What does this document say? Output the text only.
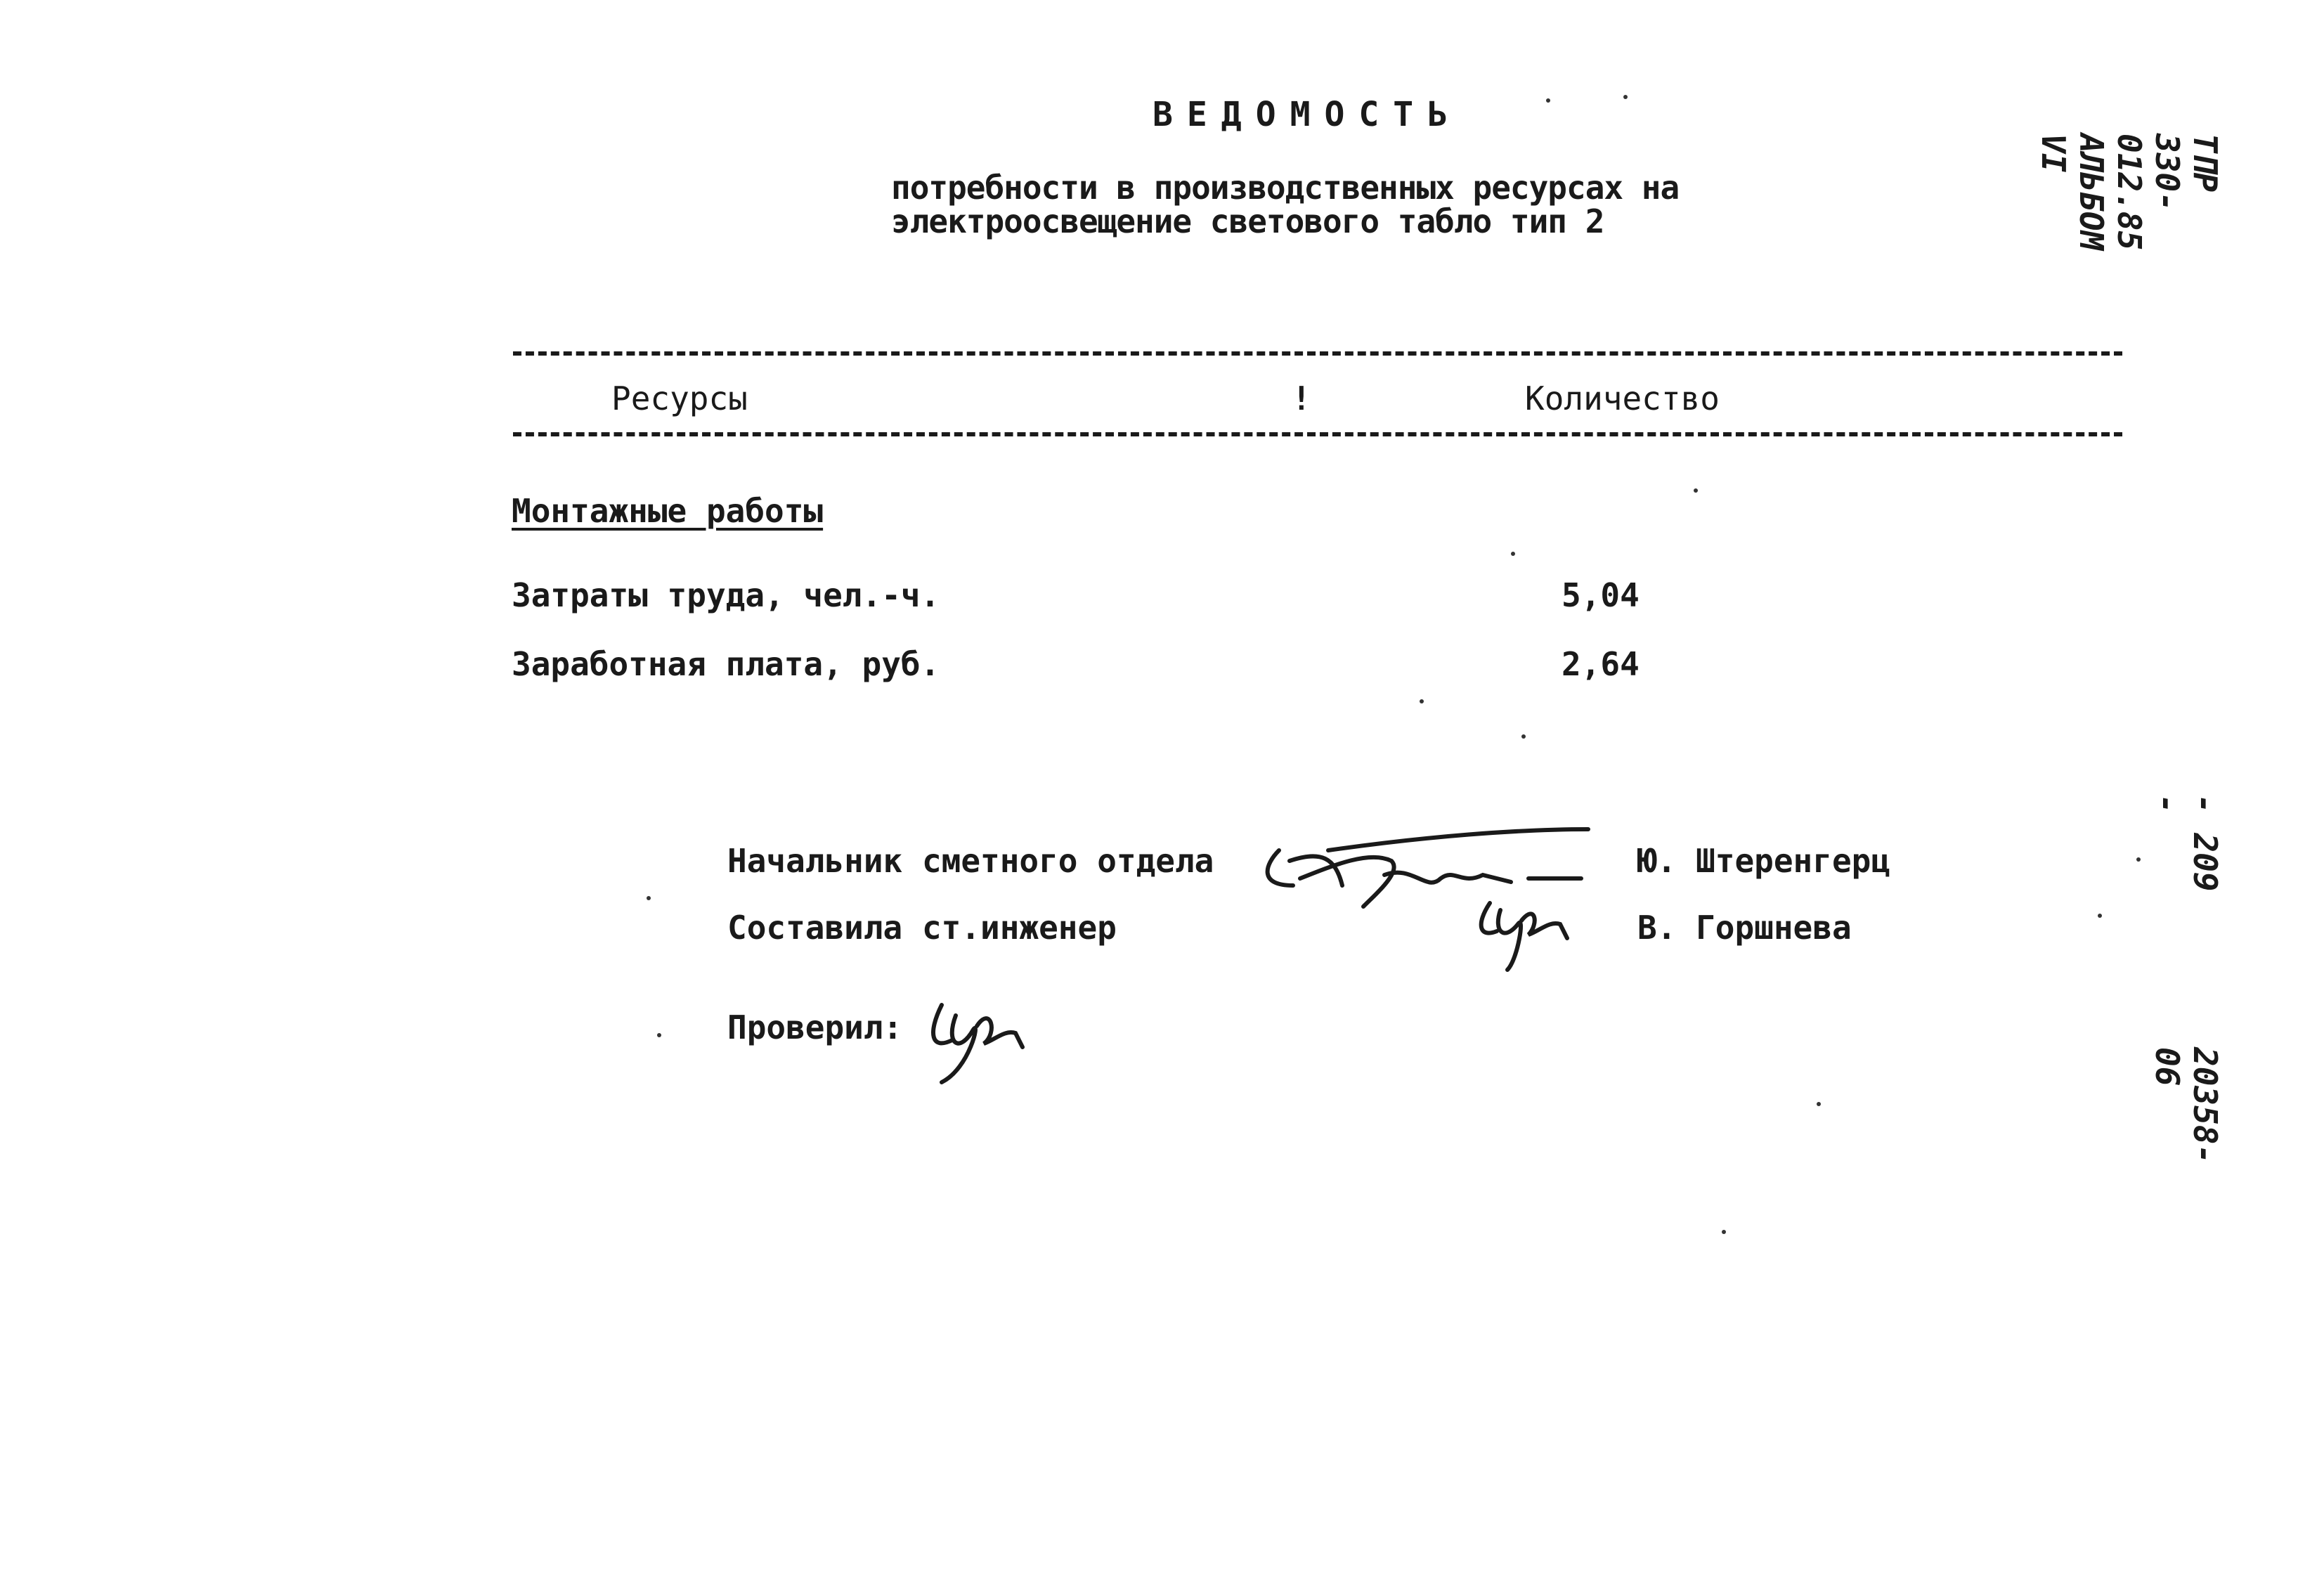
ВЕДОМОСТЬ
потребности в производственных ресурсах на
электроосвещение светового табло тип 2
Ресурсы	!	Количество
Монтажные работы
Затраты труда, чел.-ч.	5,04
Заработная плата, руб.	2,64
Начальник сметного отдела	Ю. Штеренгерц
Составила ст.инженер	В. Горшнева
Проверил:
ТПР 330-012.85 АЛЬБОМ VI
- 209 -
20358-06
